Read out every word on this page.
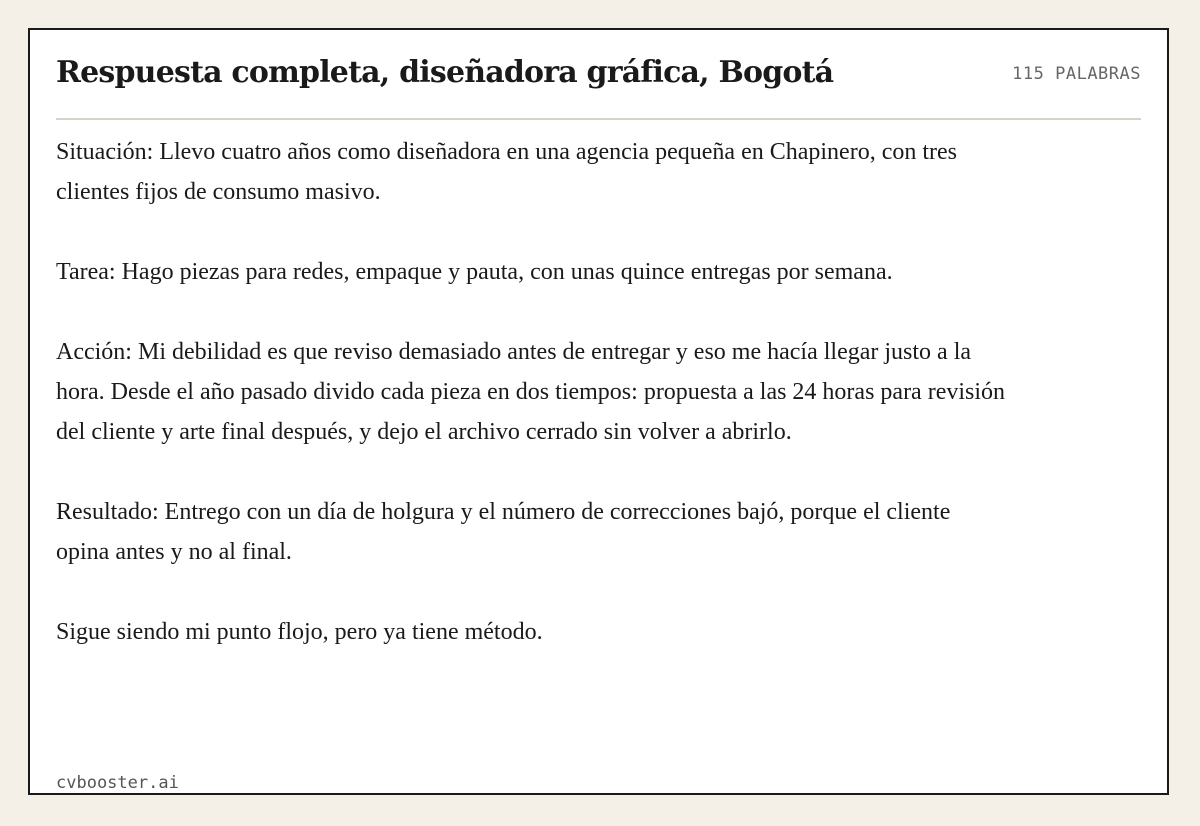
Respuesta completa, diseñadora gráfica, Bogotá	115 PALABRAS

Situación: Llevo cuatro años como diseñadora en una agencia pequeña en Chapinero, con tres clientes fijos de consumo masivo.

Tarea: Hago piezas para redes, empaque y pauta, con unas quince entregas por semana.

Acción: Mi debilidad es que reviso demasiado antes de entregar y eso me hacía llegar justo a la hora. Desde el año pasado divido cada pieza en dos tiempos: propuesta a las 24 horas para revisión del cliente y arte final después, y dejo el archivo cerrado sin volver a abrirlo.

Resultado: Entrego con un día de holgura y el número de correcciones bajó, porque el cliente opina antes y no al final.

Sigue siendo mi punto flojo, pero ya tiene método.

cvbooster.ai
